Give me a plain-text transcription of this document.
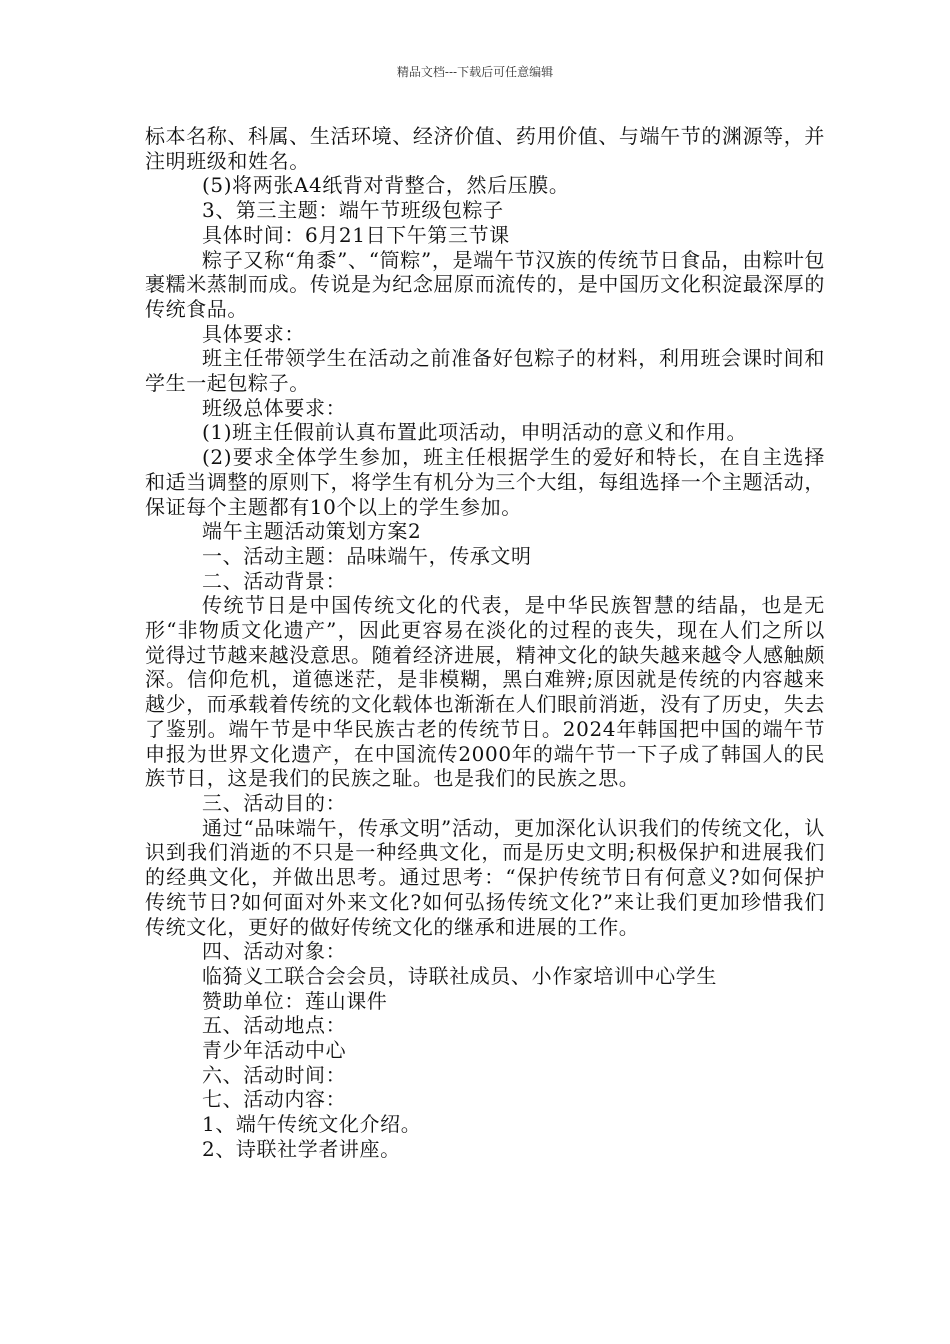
精品文档---下载后可任意编辑

标本名称、科属、生活环境、经济价值、药用价值、与端午节的渊源等，并注明班级和姓名。

(5)将两张A4纸背对背整合，然后压膜。

3、第三主题：端午节班级包粽子

具体时间：6月21日下午第三节课

粽子又称“角黍”、“筒粽”，是端午节汉族的传统节日食品，由粽叶包裹糯米蒸制而成。传说是为纪念屈原而流传的，是中国历文化积淀最深厚的传统食品。

具体要求：

班主任带领学生在活动之前准备好包粽子的材料，利用班会课时间和学生一起包粽子。

班级总体要求：

(1)班主任假前认真布置此项活动，申明活动的意义和作用。

(2)要求全体学生参加，班主任根据学生的爱好和特长，在自主选择和适当调整的原则下，将学生有机分为三个大组，每组选择一个主题活动，保证每个主题都有10个以上的学生参加。

端午主题活动策划方案2

一、活动主题：品味端午，传承文明

二、活动背景：

传统节日是中国传统文化的代表，是中华民族智慧的结晶，也是无形“非物质文化遗产”，因此更容易在淡化的过程的丧失，现在人们之所以觉得过节越来越没意思。随着经济进展，精神文化的缺失越来越令人感触颇深。信仰危机，道德迷茫，是非模糊，黑白难辨;原因就是传统的内容越来越少，而承载着传统的文化载体也渐渐在人们眼前消逝，没有了历史，失去了鉴别。端午节是中华民族古老的传统节日。2024年韩国把中国的端午节申报为世界文化遗产，在中国流传2000年的端午节一下子成了韩国人的民族节日，这是我们的民族之耻。也是我们的民族之思。

三、活动目的：

通过“品味端午，传承文明”活动，更加深化认识我们的传统文化，认识到我们消逝的不只是一种经典文化，而是历史文明;积极保护和进展我们的经典文化，并做出思考。通过思考：“保护传统节日有何意义?如何保护传统节日?如何面对外来文化?如何弘扬传统文化?”来让我们更加珍惜我们传统文化，更好的做好传统文化的继承和进展的工作。

四、活动对象：

临猗义工联合会会员，诗联社成员、小作家培训中心学生

赞助单位：莲山课件

五、活动地点：

青少年活动中心

六、活动时间：

七、活动内容：

1、端午传统文化介绍。

2、诗联社学者讲座。
